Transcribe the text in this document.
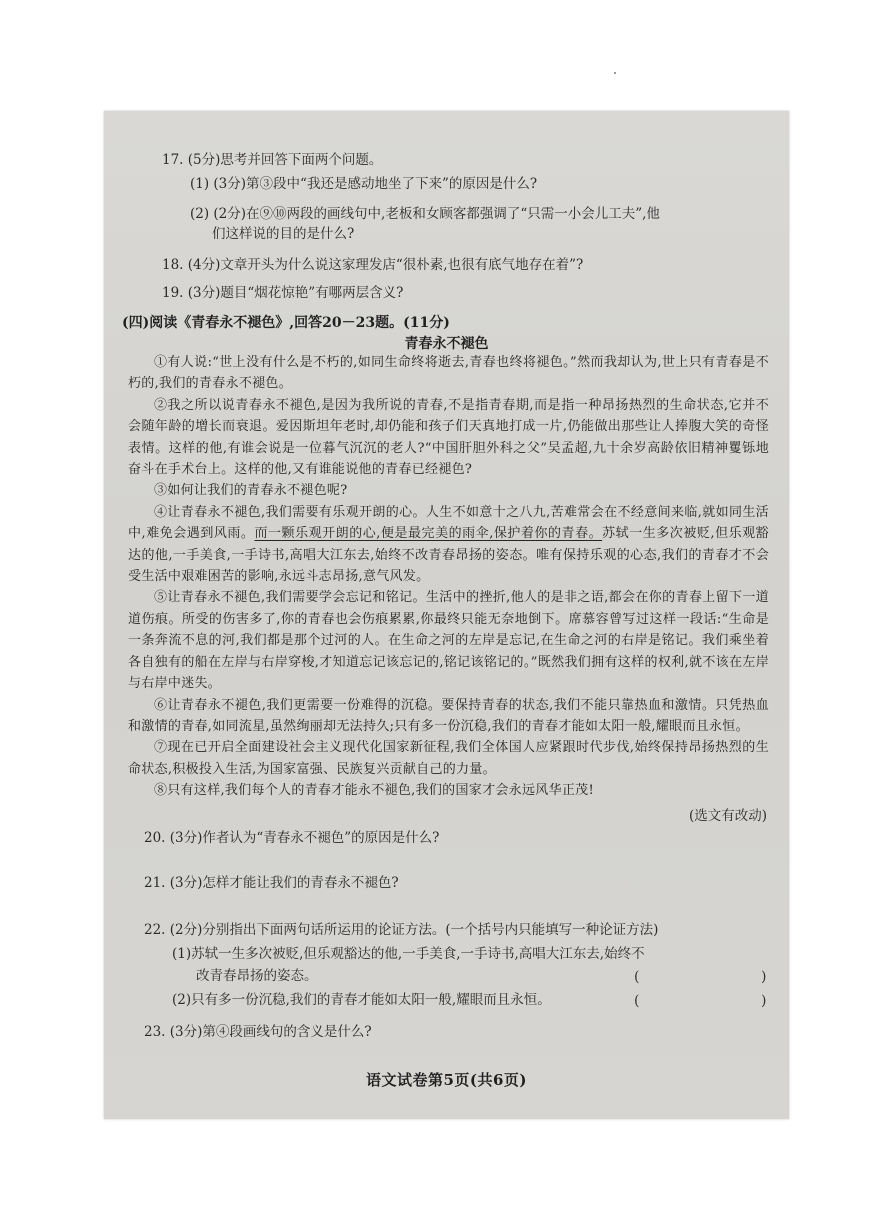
17. (5分)思考并回答下面两个问题。
(1) (3分)第③段中“我还是感动地坐了下来”的原因是什么?
(2) (2分)在⑨⑩两段的画线句中,老板和女顾客都强调了“只需一小会儿工夫”,他
们这样说的目的是什么?
18. (4分)文章开头为什么说这家理发店“很朴素,也很有底气地存在着”?
19. (3分)题目“烟花惊艳”有哪两层含义?
(四)阅读《青春永不褪色》,回答20－23题。(11分)
青春永不褪色

①有人说:“世上没有什么是不朽的,如同生命终将逝去,青春也终将褪色。”然而我却认为,世上只有青春是不朽的,我们的青春永不褪色。

②我之所以说青春永不褪色,是因为我所说的青春,不是指青春期,而是指一种昂扬热烈的生命状态,它并不会随年龄的增长而衰退。爱因斯坦年老时,却仍能和孩子们天真地打成一片,仍能做出那些让人捧腹大笑的奇怪表情。这样的他,有谁会说是一位暮气沉沉的老人?“中国肝胆外科之父”吴孟超,九十余岁高龄依旧精神矍铄地奋斗在手术台上。这样的他,又有谁能说他的青春已经褪色?

③如何让我们的青春永不褪色呢?

④让青春永不褪色,我们需要有乐观开朗的心。人生不如意十之八九,苦难常会在不经意间来临,就如同生活中,难免会遇到风雨。而一颗乐观开朗的心,便是最完美的雨伞,保护着你的青春。苏轼一生多次被贬,但乐观豁达的他,一手美食,一手诗书,高唱大江东去,始终不改青春昂扬的姿态。唯有保持乐观的心态,我们的青春才不会受生活中艰难困苦的影响,永远斗志昂扬,意气风发。

⑤让青春永不褪色,我们需要学会忘记和铭记。生活中的挫折,他人的是非之语,都会在你的青春上留下一道道伤痕。所受的伤害多了,你的青春也会伤痕累累,你最终只能无奈地倒下。席慕容曾写过这样一段话:“生命是一条奔流不息的河,我们都是那个过河的人。在生命之河的左岸是忘记,在生命之河的右岸是铭记。我们乘坐着各自独有的船在左岸与右岸穿梭,才知道忘记该忘记的,铭记该铭记的。”既然我们拥有这样的权利,就不该在左岸与右岸中迷失。

⑥让青春永不褪色,我们更需要一份难得的沉稳。要保持青春的状态,我们不能只靠热血和激情。只凭热血和激情的青春,如同流星,虽然绚丽却无法持久;只有多一份沉稳,我们的青春才能如太阳一般,耀眼而且永恒。

⑦现在已开启全面建设社会主义现代化国家新征程,我们全体国人应紧跟时代步伐,始终保持昂扬热烈的生命状态,积极投入生活,为国家富强、民族复兴贡献自己的力量。

⑧只有这样,我们每个人的青春才能永不褪色,我们的国家才会永远风华正茂!

(选文有改动)
20. (3分)作者认为“青春永不褪色”的原因是什么?
21. (3分)怎样才能让我们的青春永不褪色?
22. (2分)分别指出下面两句话所运用的论证方法。(一个括号内只能填写一种论证方法)
(1)苏轼一生多次被贬,但乐观豁达的他,一手美食,一手诗书,高唱大江东去,始终不
改青春昂扬的姿态。	(	)
(2)只有多一份沉稳,我们的青春才能如太阳一般,耀眼而且永恒。	(	)
23. (3分)第④段画线句的含义是什么?
语文试卷第5页(共6页)
